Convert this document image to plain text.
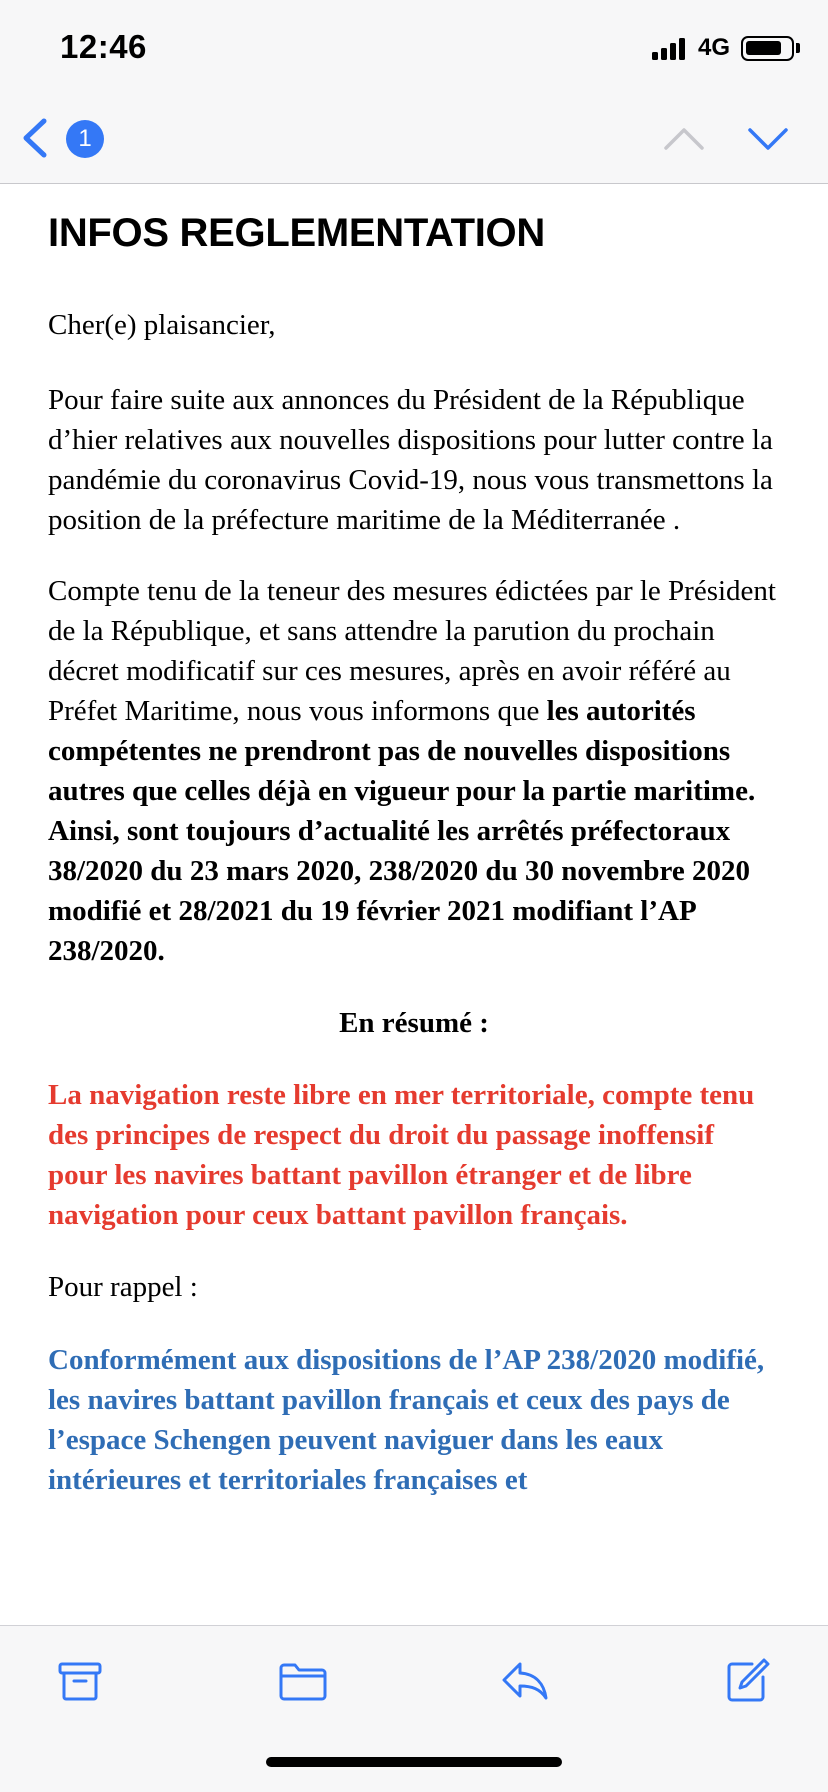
12:46	4G
1
INFOS REGLEMENTATION

Cher(e) plaisancier,

Pour faire suite aux annonces du Président de la République d’hier relatives aux nouvelles dispositions pour lutter contre la pandémie du coronavirus Covid-19, nous vous transmettons la position de la préfecture maritime de la Méditerranée .

Compte tenu de la teneur des mesures édictées par le Président de la République, et sans attendre la parution du prochain décret modificatif sur ces mesures, après en avoir référé au Préfet Maritime, nous vous informons que les autorités compétentes ne prendront pas de nouvelles dispositions autres que celles déjà en vigueur pour la partie maritime. Ainsi, sont toujours d’actualité les arrêtés préfectoraux 38/2020 du 23 mars 2020, 238/2020 du 30 novembre 2020 modifié et 28/2021 du 19 février 2021 modifiant l’AP 238/2020.

En résumé :

La navigation reste libre en mer territoriale, compte tenu des principes de respect du droit du passage inoffensif pour les navires battant pavillon étranger et de libre navigation pour ceux battant pavillon français.

Pour rappel :

Conformément aux dispositions de l’AP 238/2020 modifié, les navires battant pavillon français et ceux des pays de l’espace Schengen peuvent naviguer dans les eaux intérieures et territoriales françaises et
